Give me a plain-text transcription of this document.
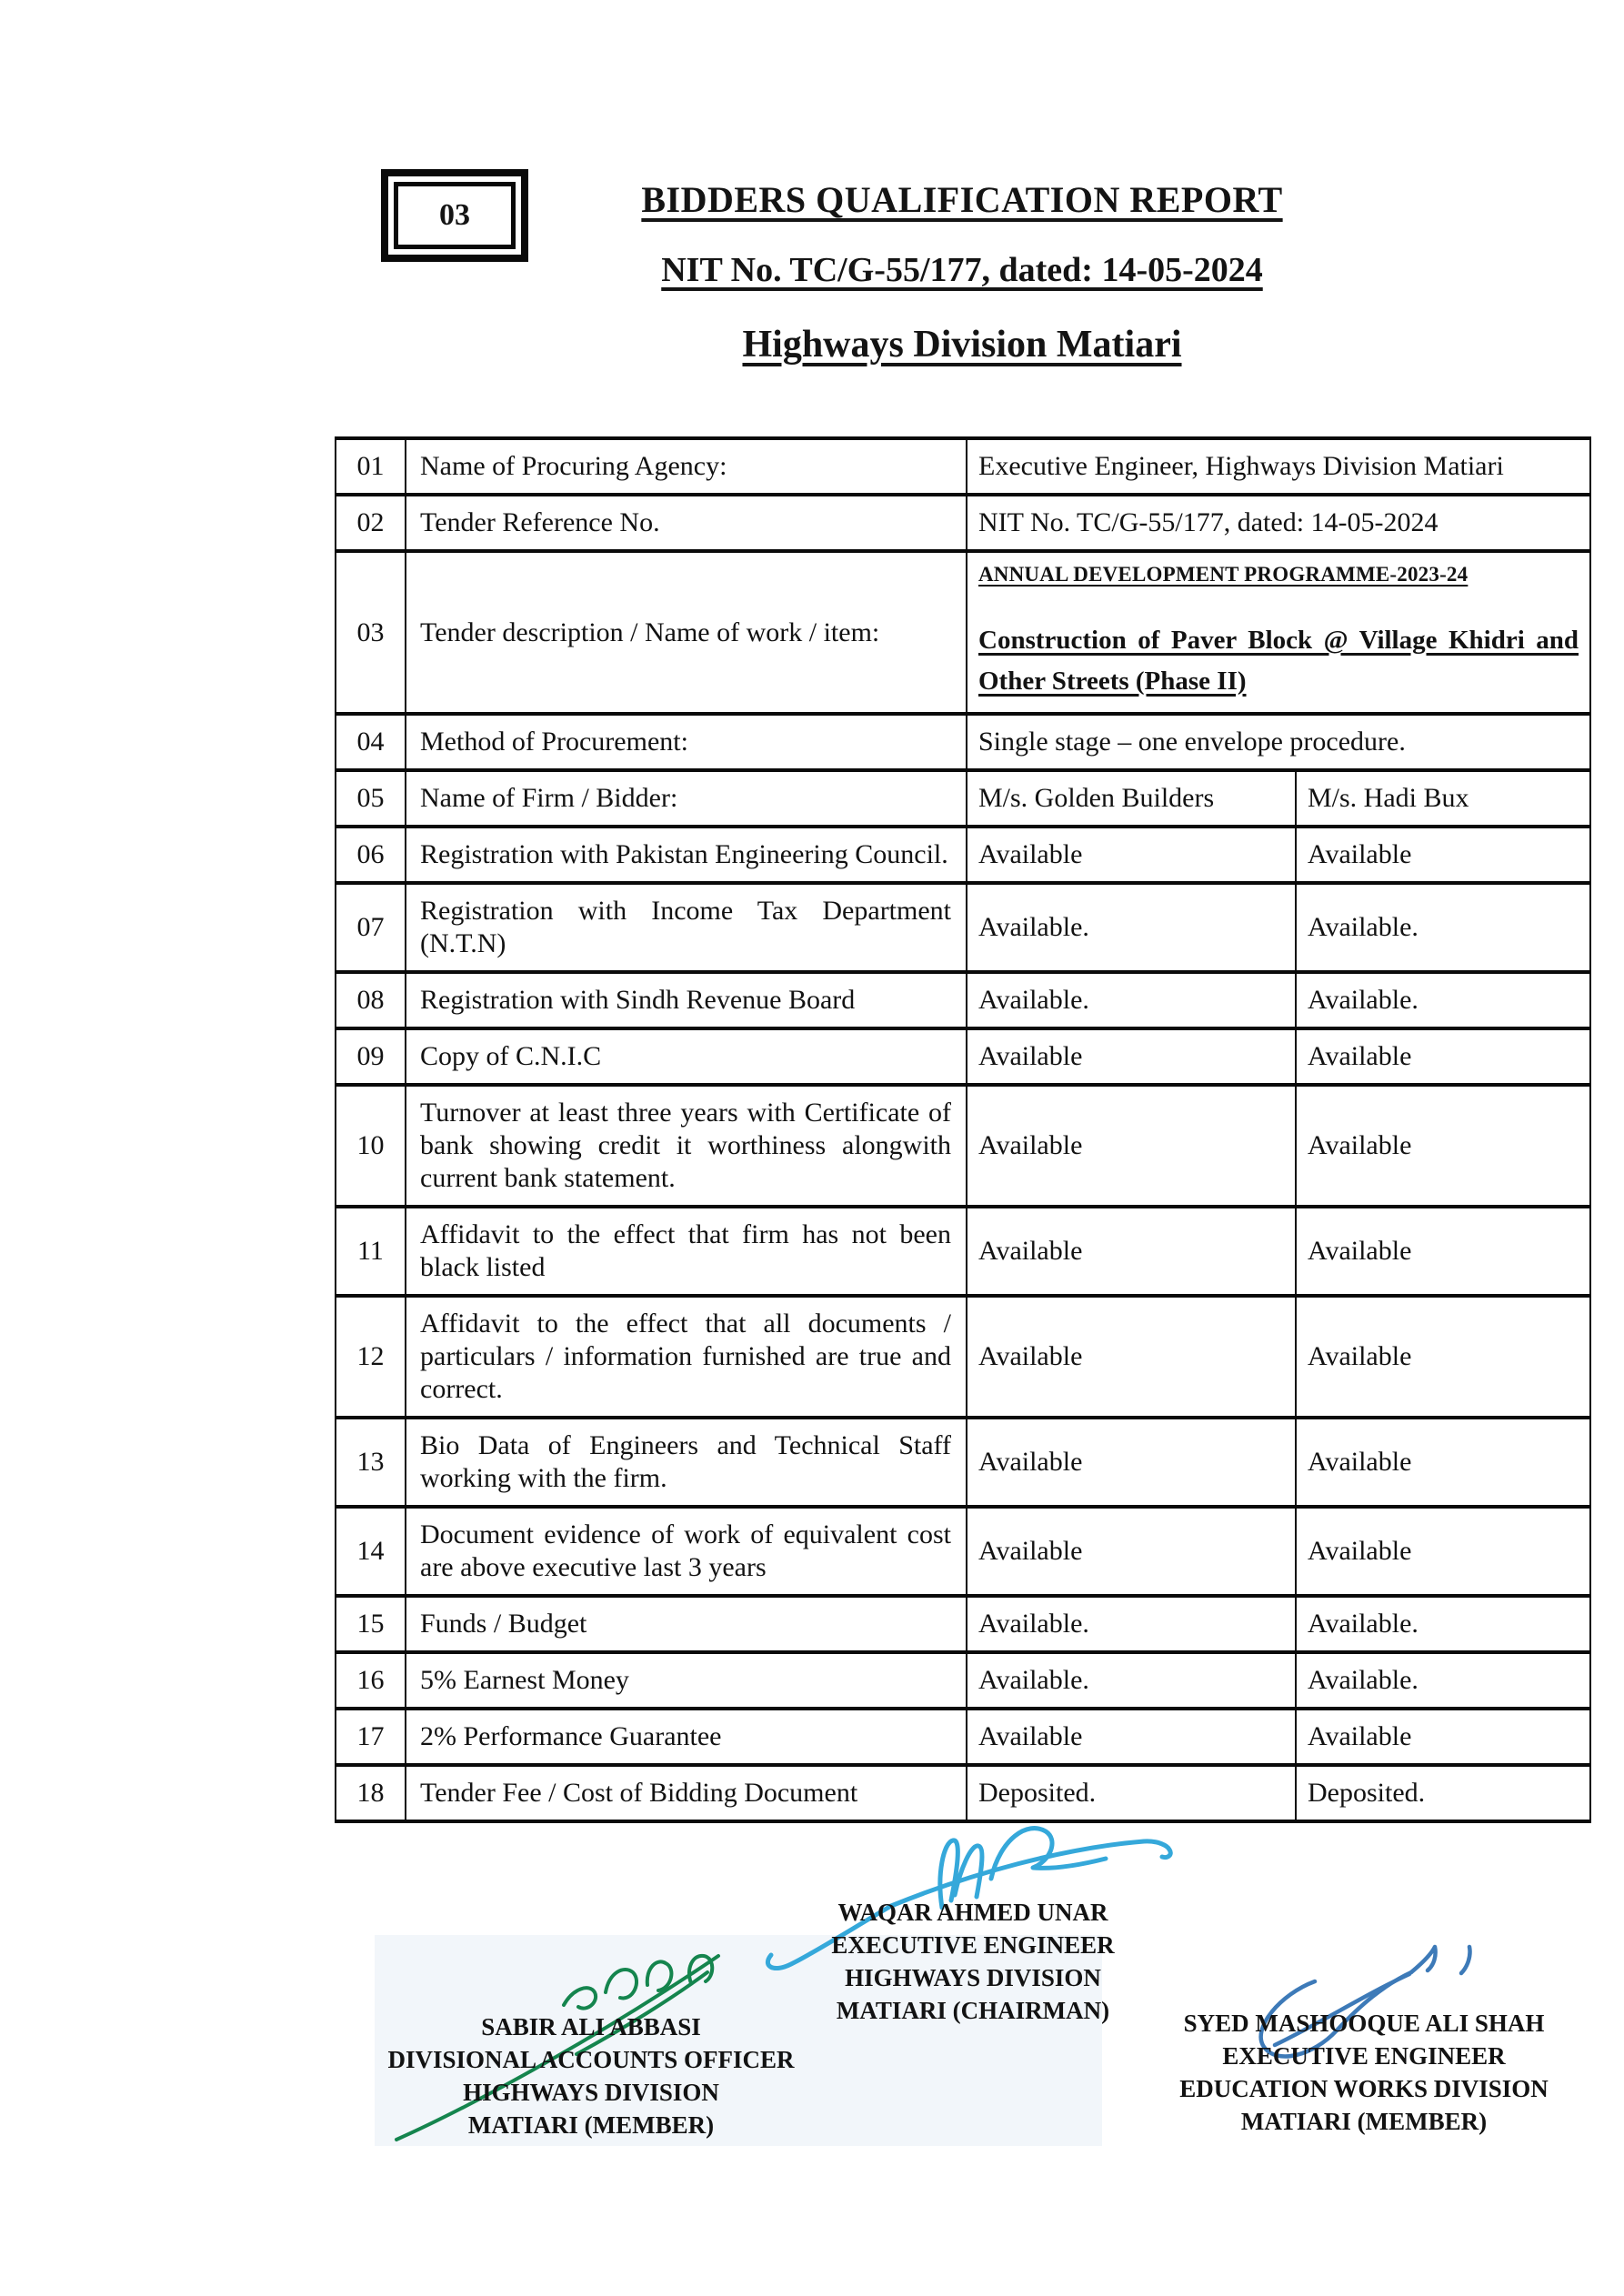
03	BIDDERS QUALIFICATION REPORT
NIT No. TC/G-55/177, dated: 14-05-2024
Highways Division Matiari
01	Name of Procuring Agency:	Executive Engineer, Highways Division Matiari	
02	Tender Reference No.	NIT No. TC/G-55/177, dated: 14-05-2024	
03	Tender description / Name of work / item:	ANNUAL DEVELOPMENT PROGRAMME-2023-24
Construction of Paver Block @ Village Khidri and Other Streets (Phase II)	

04	Method of Procurement:	Single stage – one envelope procedure.	
05	Name of Firm / Bidder:	M/s. Golden Builders	M/s. Hadi Bux
06	Registration with Pakistan Engineering Council.	Available	Available
07	Registration with Income Tax Department (N.T.N)	Available.	Available.
08	Registration with Sindh Revenue Board	Available.	Available.
09	Copy of C.N.I.C	Available	Available
10	Turnover at least three years with Certificate of bank showing credit it worthiness alongwith current bank statement.	Available	Available
11	Affidavit to the effect that firm has not been black listed	Available	Available
12	Affidavit to the effect that all documents / particulars / information furnished are true and correct.	Available	Available
13	Bio Data of Engineers and Technical Staff working with the firm.	Available	Available
14	Document evidence of work of equivalent cost are above executive last 3 years	Available	Available
15	Funds / Budget	Available.	Available.
16	5% Earnest Money	Available.	Available.
17	2% Performance Guarantee	Available	Available
18	Tender Fee / Cost of Bidding Document	Deposited.	Deposited.
WAQAR AHMED UNAR
EXECUTIVE ENGINEER
HIGHWAYS DIVISION
MATIARI (CHAIRMAN)
SABIR ALI ABBASI
DIVISIONAL ACCOUNTS OFFICER
HIGHWAYS DIVISION
MATIARI (MEMBER)
SYED MASHOOQUE ALI SHAH
EXECUTIVE ENGINEER
EDUCATION WORKS DIVISION
MATIARI (MEMBER)
